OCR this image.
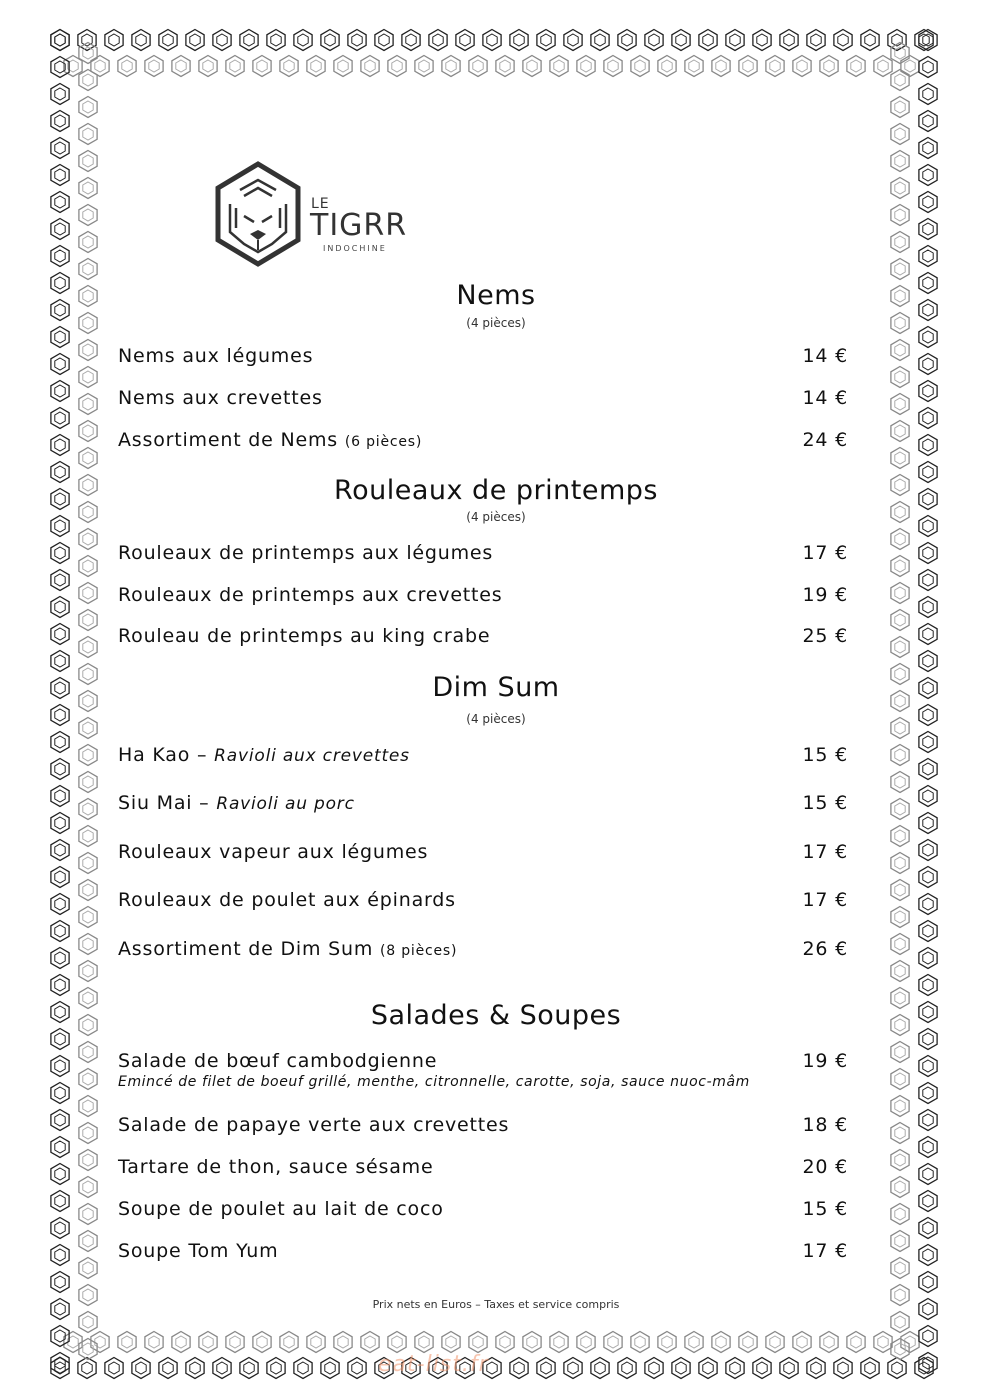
LE
TIGRR
INDOCHINE
Nems
(4 pièces)
Nems aux légumes	14 €
Nems aux crevettes	14 €
Assortiment de Nems (6 pièces)	24 €
Rouleaux de printemps
(4 pièces)
Rouleaux de printemps aux légumes	17 €
Rouleaux de printemps aux crevettes	19 €
Rouleau de printemps au king crabe	25 €
Dim Sum
(4 pièces)
Ha Kao – Ravioli aux crevettes	15 €
Siu Mai – Ravioli au porc	15 €
Rouleaux vapeur aux légumes	17 €
Rouleaux de poulet aux épinards	17 €
Assortiment de Dim Sum (8 pièces)	26 €
Salades & Soupes
Salade de bœuf cambodgienne	19 €
Emincé de filet de boeuf grillé, menthe, citronnelle, carotte, soja, sauce nuoc-mâm
Salade de papaye verte aux crevettes	18 €
Tartare de thon, sauce sésame	20 €
Soupe de poulet au lait de coco	15 €
Soupe Tom Yum	17 €
Prix nets en Euros – Taxes et service compris
eat-list.fr
